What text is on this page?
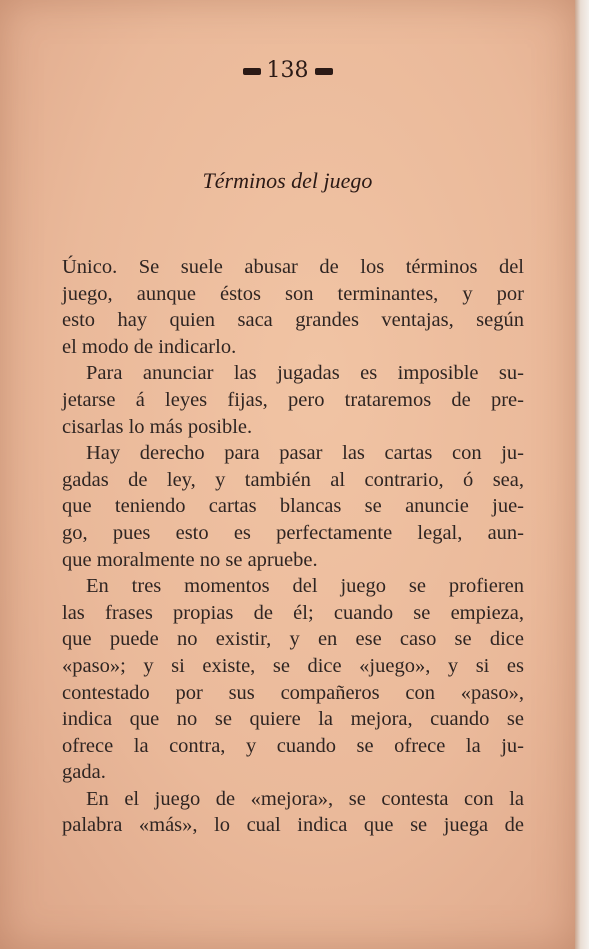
138
Términos del juego
Único. Se suele abusar de los términos del
juego, aunque éstos son terminantes, y por
esto hay quien saca grandes ventajas, según
el modo de indicarlo.
Para anunciar las jugadas es imposible su-
jetarse á leyes fijas, pero trataremos de pre-
cisarlas lo más posible.
Hay derecho para pasar las cartas con ju-
gadas de ley, y también al contrario, ó sea,
que teniendo cartas blancas se anuncie jue-
go, pues esto es perfectamente legal, aun-
que moralmente no se apruebe.
En tres momentos del juego se profieren
las frases propias de él; cuando se empieza,
que puede no existir, y en ese caso se dice
«paso»; y si existe, se dice «juego», y si es
contestado por sus compañeros con «paso»,
indica que no se quiere la mejora, cuando se
ofrece la contra, y cuando se ofrece la ju-
gada.
En el juego de «mejora», se contesta con la
palabra «más», lo cual indica que se juega de
